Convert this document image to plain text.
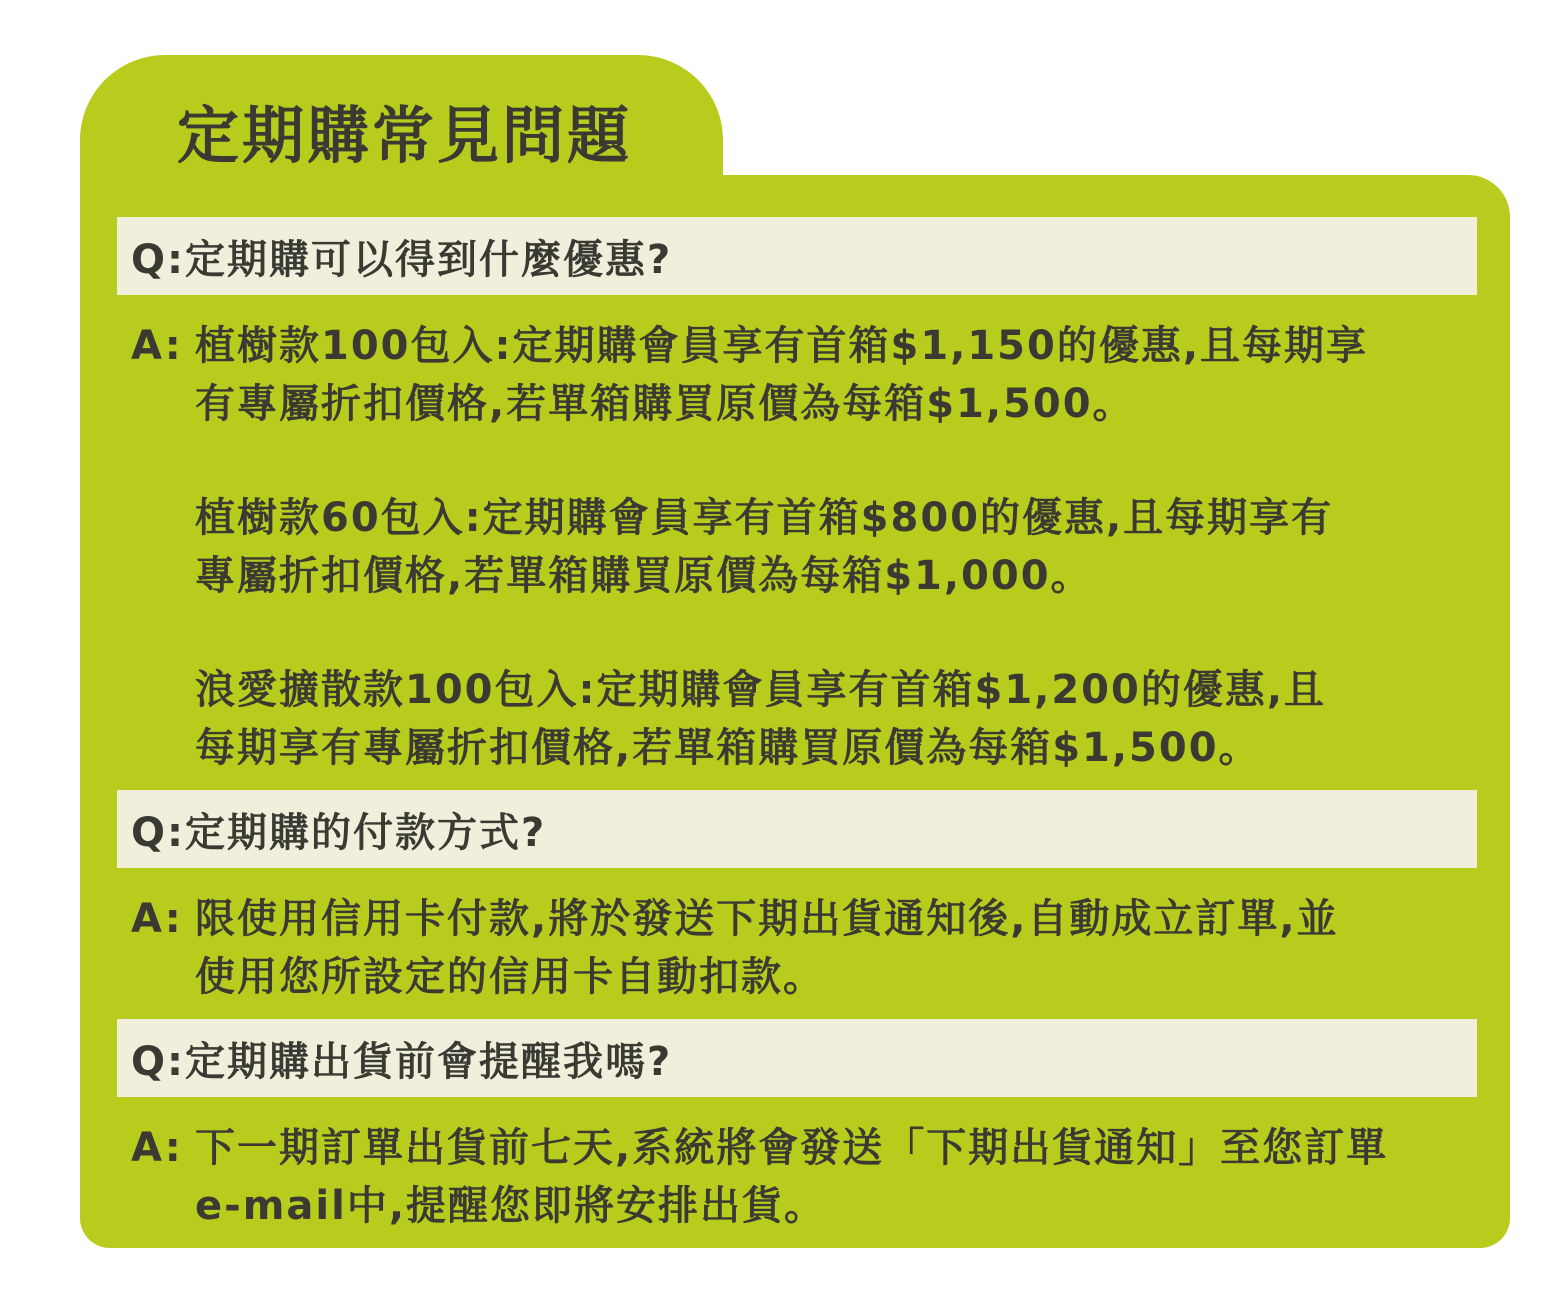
定期購常見問題
Q:定期購可以得到什麼優惠?
A: 植樹款100包入:定期購會員享有首箱$1,150的優惠,且每期享
有專屬折扣價格,若單箱購買原價為每箱$1,500。
植樹款60包入:定期購會員享有首箱$800的優惠,且每期享有
專屬折扣價格,若單箱購買原價為每箱$1,000。
浪愛擴散款100包入:定期購會員享有首箱$1,200的優惠,且
每期享有專屬折扣價格,若單箱購買原價為每箱$1,500。
Q:定期購的付款方式?
A: 限使用信用卡付款,將於發送下期出貨通知後,自動成立訂單,並
使用您所設定的信用卡自動扣款。
Q:定期購出貨前會提醒我嗎?
A: 下一期訂單出貨前七天,系統將會發送「下期出貨通知」至您訂單
e-mail中,提醒您即將安排出貨。
